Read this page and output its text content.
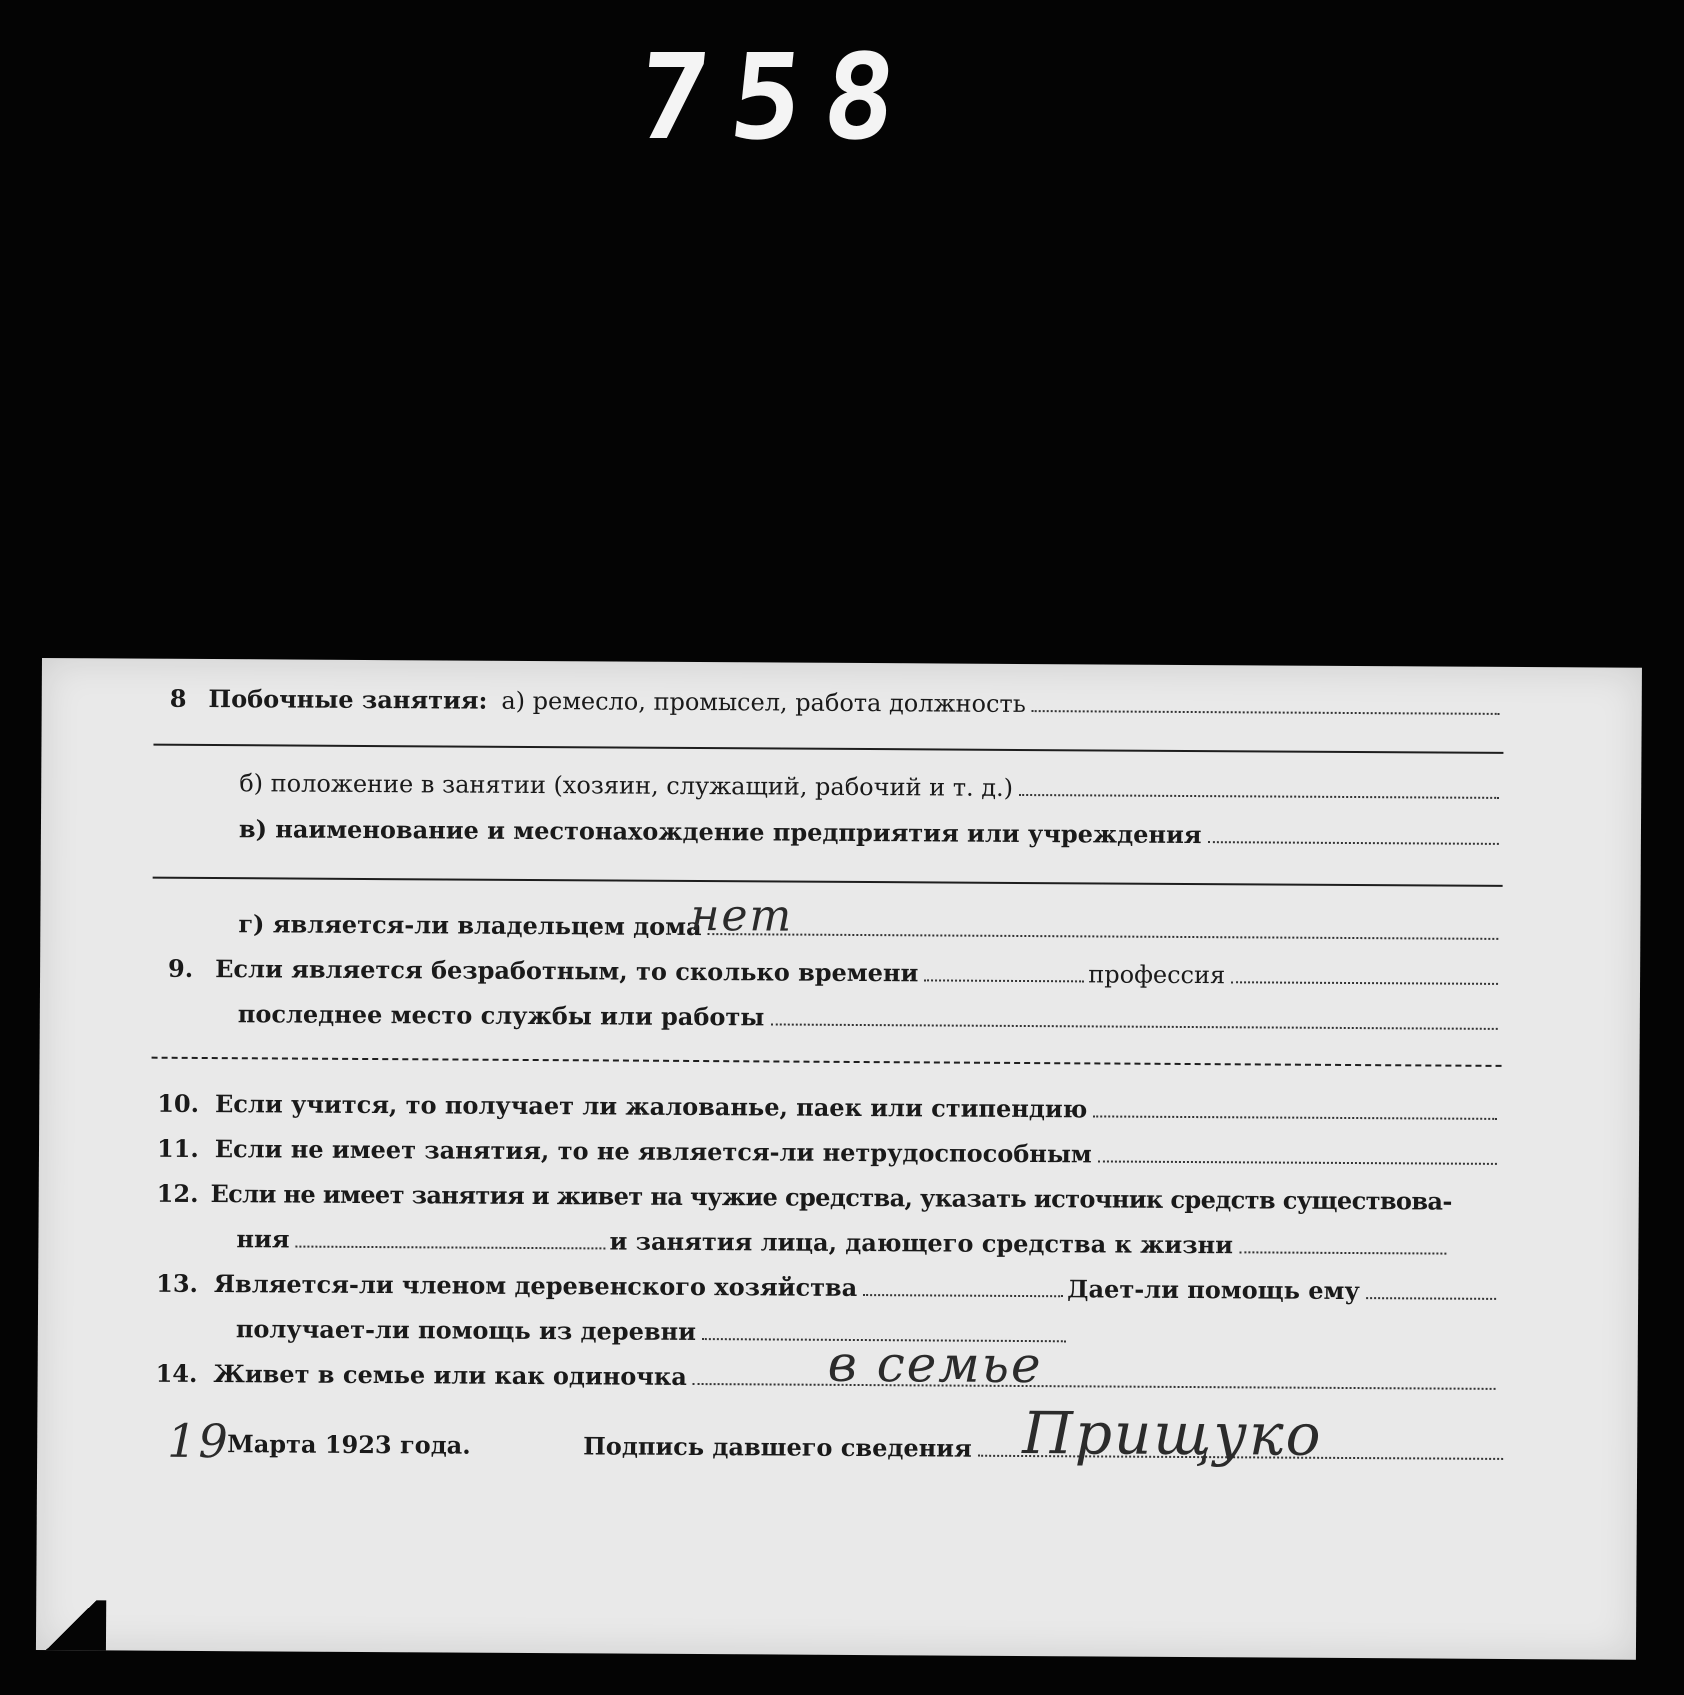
758
8 Побочные занятия: а) ремесло, промысел, работа должность
б) положение в занятии (хозяин, служащий, рабочий и т. д.)
в) наименование и местонахождение предприятия или учреждения
г) является-ли владельцем дома
нет
9. Если является безработным, то сколько времени	профессия
последнее место службы или работы
10. Если учится, то получает ли жалованье, паек или стипендию
11. Если не имеет занятия, то не является-ли нетрудоспособным
12. Если не имеет занятия и живет на чужие средства, указать источник средств существова-
ния	и занятия лица, дающего средства к жизни
13. Является-ли членом деревенского хозяйства	Дает-ли помощь ему
получает-ли помощь из деревни
14. Живет в семье или как одиночка	в семье
19
Марта 1923 года.	Подпись давшего сведения Прищуко
